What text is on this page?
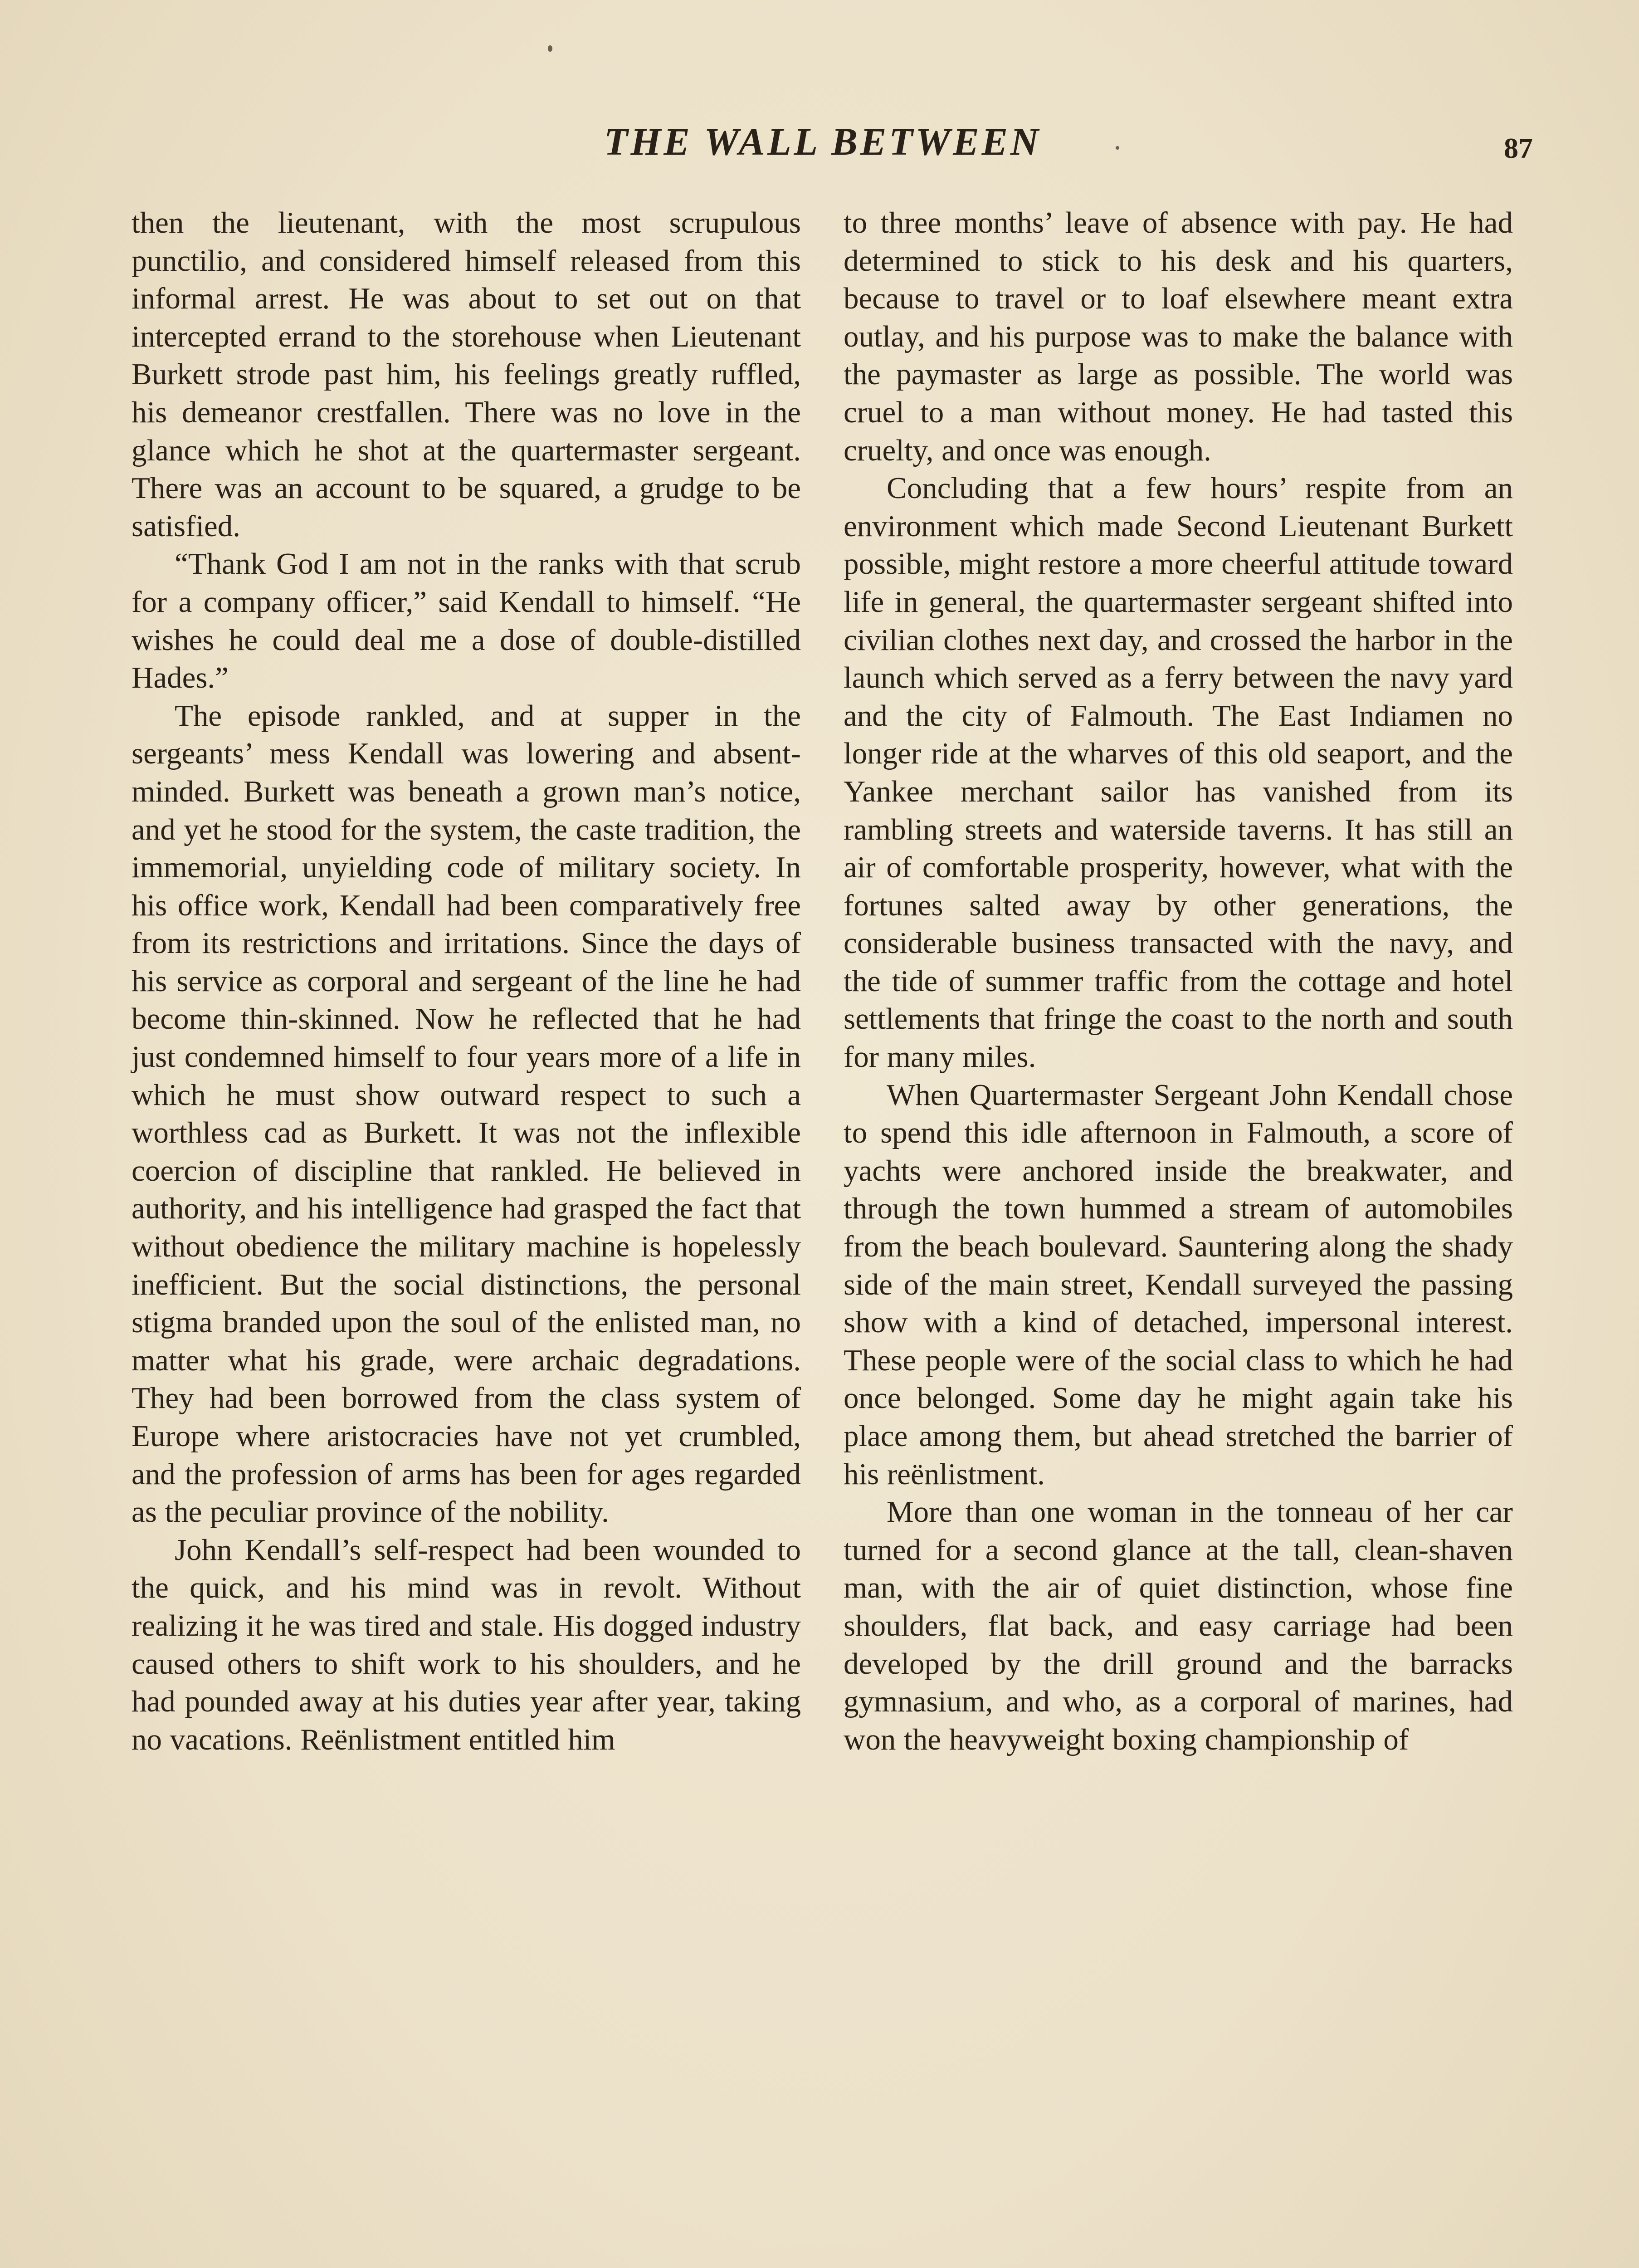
THE WALL BETWEEN	87

then the lieutenant, with the most scrupulous punctilio, and considered himself released from this informal arrest. He was about to set out on that intercepted errand to the storehouse when Lieutenant Burkett strode past him, his feelings greatly ruffled, his demeanor crestfallen. There was no love in the glance which he shot at the quartermaster sergeant. There was an account to be squared, a grudge to be satisfied.

“Thank God I am not in the ranks with that scrub for a company officer,” said Kendall to himself. “He wishes he could deal me a dose of double-distilled Hades.”

The episode rankled, and at supper in the sergeants’ mess Kendall was lowering and absent-minded. Burkett was beneath a grown man’s notice, and yet he stood for the system, the caste tradition, the immemorial, unyielding code of military society. In his office work, Kendall had been comparatively free from its restrictions and irritations. Since the days of his service as corporal and sergeant of the line he had become thin-skinned. Now he reflected that he had just condemned himself to four years more of a life in which he must show outward respect to such a worthless cad as Burkett. It was not the inflexible coercion of discipline that rankled. He believed in authority, and his intelligence had grasped the fact that without obedience the military machine is hopelessly inefficient. But the social distinctions, the personal stigma branded upon the soul of the enlisted man, no matter what his grade, were archaic degradations. They had been borrowed from the class system of Europe where aristocracies have not yet crumbled, and the profession of arms has been for ages regarded as the peculiar province of the nobility.

John Kendall’s self-respect had been wounded to the quick, and his mind was in revolt. Without realizing it he was tired and stale. His dogged industry caused others to shift work to his shoulders, and he had pounded away at his duties year after year, taking no vacations. Reënlistment entitled him

to three months’ leave of absence with pay. He had determined to stick to his desk and his quarters, because to travel or to loaf elsewhere meant extra outlay, and his purpose was to make the balance with the paymaster as large as possible. The world was cruel to a man without money. He had tasted this cruelty, and once was enough.

Concluding that a few hours’ respite from an environment which made Second Lieutenant Burkett possible, might restore a more cheerful attitude toward life in general, the quartermaster sergeant shifted into civilian clothes next day, and crossed the harbor in the launch which served as a ferry between the navy yard and the city of Falmouth. The East Indiamen no longer ride at the wharves of this old seaport, and the Yankee merchant sailor has vanished from its rambling streets and waterside taverns. It has still an air of comfortable prosperity, however, what with the fortunes salted away by other generations, the considerable business transacted with the navy, and the tide of summer traffic from the cottage and hotel settlements that fringe the coast to the north and south for many miles.

When Quartermaster Sergeant John Kendall chose to spend this idle afternoon in Falmouth, a score of yachts were anchored inside the breakwater, and through the town hummed a stream of automobiles from the beach boulevard. Sauntering along the shady side of the main street, Kendall surveyed the passing show with a kind of detached, impersonal interest. These people were of the social class to which he had once belonged. Some day he might again take his place among them, but ahead stretched the barrier of his reënlistment.

More than one woman in the tonneau of her car turned for a second glance at the tall, clean-shaven man, with the air of quiet distinction, whose fine shoulders, flat back, and easy carriage had been developed by the drill ground and the barracks gymnasium, and who, as a corporal of marines, had won the heavyweight boxing championship of
